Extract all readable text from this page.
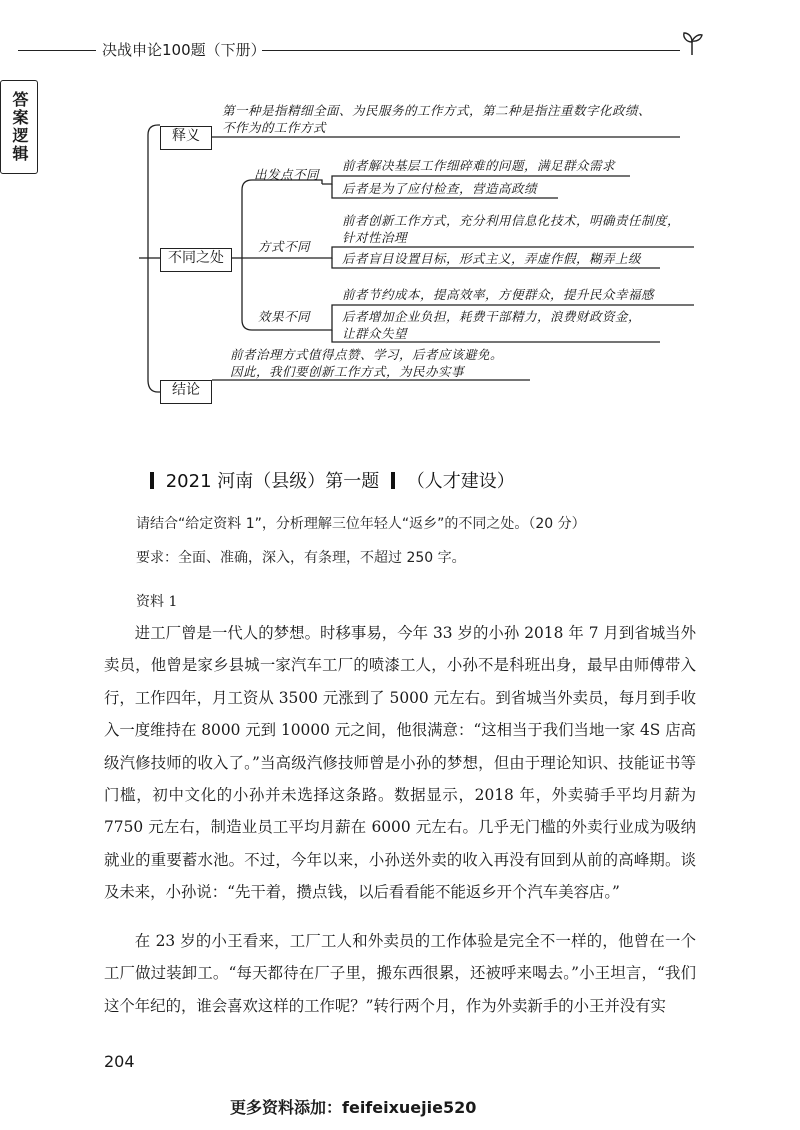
决战申论100题（下册）
答案逻辑	释义
第一种是指精细全面、为民服务的工作方式，第二种是指注重数字化政绩、
不作为的工作方式
不同之处
出发点不同
前者解决基层工作细碎难的问题，满足群众需求
后者是为了应付检查，营造高政绩
方式不同
前者创新工作方式，充分利用信息化技术，明确责任制度，
针对性治理
后者盲目设置目标，形式主义，弄虚作假，糊弄上级
效果不同
前者节约成本，提高效率，方便群众，提升民众幸福感
后者增加企业负担，耗费干部精力，浪费财政资金，
让群众失望
结论
前者治理方式值得点赞、学习，后者应该避免。
因此，我们要创新工作方式，为民办实事
2021 河南（县级）第一题 （人才建设）
请结合“给定资料 1”，分析理解三位年轻人“返乡”的不同之处。（20 分）
要求：全面、准确，深入，有条理，不超过 250 字。
资料 1
进工厂曾是一代人的梦想。时移事易，今年 33 岁的小孙 2018 年 7 月到省城当外卖员，他曾是家乡县城一家汽车工厂的喷漆工人，小孙不是科班出身，最早由师傅带入行，工作四年，月工资从 3500 元涨到了 5000 元左右。到省城当外卖员，每月到手收入一度维持在 8000 元到 10000 元之间，他很满意：“这相当于我们当地一家 4S 店高级汽修技师的收入了。”当高级汽修技师曾是小孙的梦想，但由于理论知识、技能证书等门槛，初中文化的小孙并未选择这条路。数据显示，2018 年，外卖骑手平均月薪为 7750 元左右，制造业员工平均月薪在 6000 元左右。几乎无门槛的外卖行业成为吸纳就业的重要蓄水池。不过，今年以来，小孙送外卖的收入再没有回到从前的高峰期。谈及未来，小孙说：“先干着，攒点钱，以后看看能不能返乡开个汽车美容店。”
在 23 岁的小王看来，工厂工人和外卖员的工作体验是完全不一样的，他曾在一个工厂做过装卸工。“每天都待在厂子里，搬东西很累，还被呼来喝去。”小王坦言，“我们这个年纪的，谁会喜欢这样的工作呢？”转行两个月，作为外卖新手的小王并没有实
204
更多资料添加：feifeixuejie520
